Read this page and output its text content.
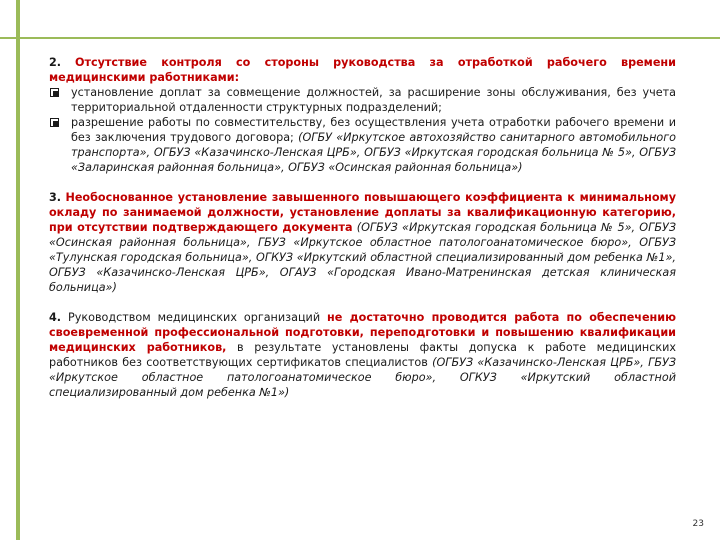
2. Отсутствие контроля со стороны руководства за отработкой рабочего времени медицинскими работниками:

установление доплат за совмещение должностей, за расширение зоны обслуживания, без учета территориальной отдаленности структурных подразделений;

разрешение работы по совместительству, без осуществления учета отработки рабочего времени и без заключения трудового договора; (ОГБУ «Иркутское автохозяйство санитарного автомобильного транспорта», ОГБУЗ «Казачинско-Ленская ЦРБ», ОГБУЗ «Иркутская городская больница № 5», ОГБУЗ «Заларинская районная больница», ОГБУЗ «Осинская районная больница»)

3. Необоснованное установление завышенного повышающего коэффициента к минимальному окладу по занимаемой должности, установление доплаты за квалификационную категорию, при отсутствии подтверждающего документа (ОГБУЗ «Иркутская городская больница № 5», ОГБУЗ «Осинская районная больница», ГБУЗ «Иркутское областное патологоанатомическое бюро», ОГБУЗ «Тулунская городская больница», ОГКУЗ «Иркутский областной специализированный дом ребенка №1», ОГБУЗ «Казачинско-Ленская ЦРБ», ОГАУЗ «Городская Ивано-Матренинская детская клиническая больница»)

4. Руководством медицинских организаций не достаточно проводится работа по обеспечению своевременной профессиональной подготовки, переподготовки и повышению квалификации медицинских работников, в результате установлены факты допуска к работе медицинских работников без соответствующих сертификатов специалистов (ОГБУЗ «Казачинско-Ленская ЦРБ», ГБУЗ «Иркутское областное патологоанатомическое бюро», ОГКУЗ «Иркутский областной специализированный дом ребенка №1»)

23
